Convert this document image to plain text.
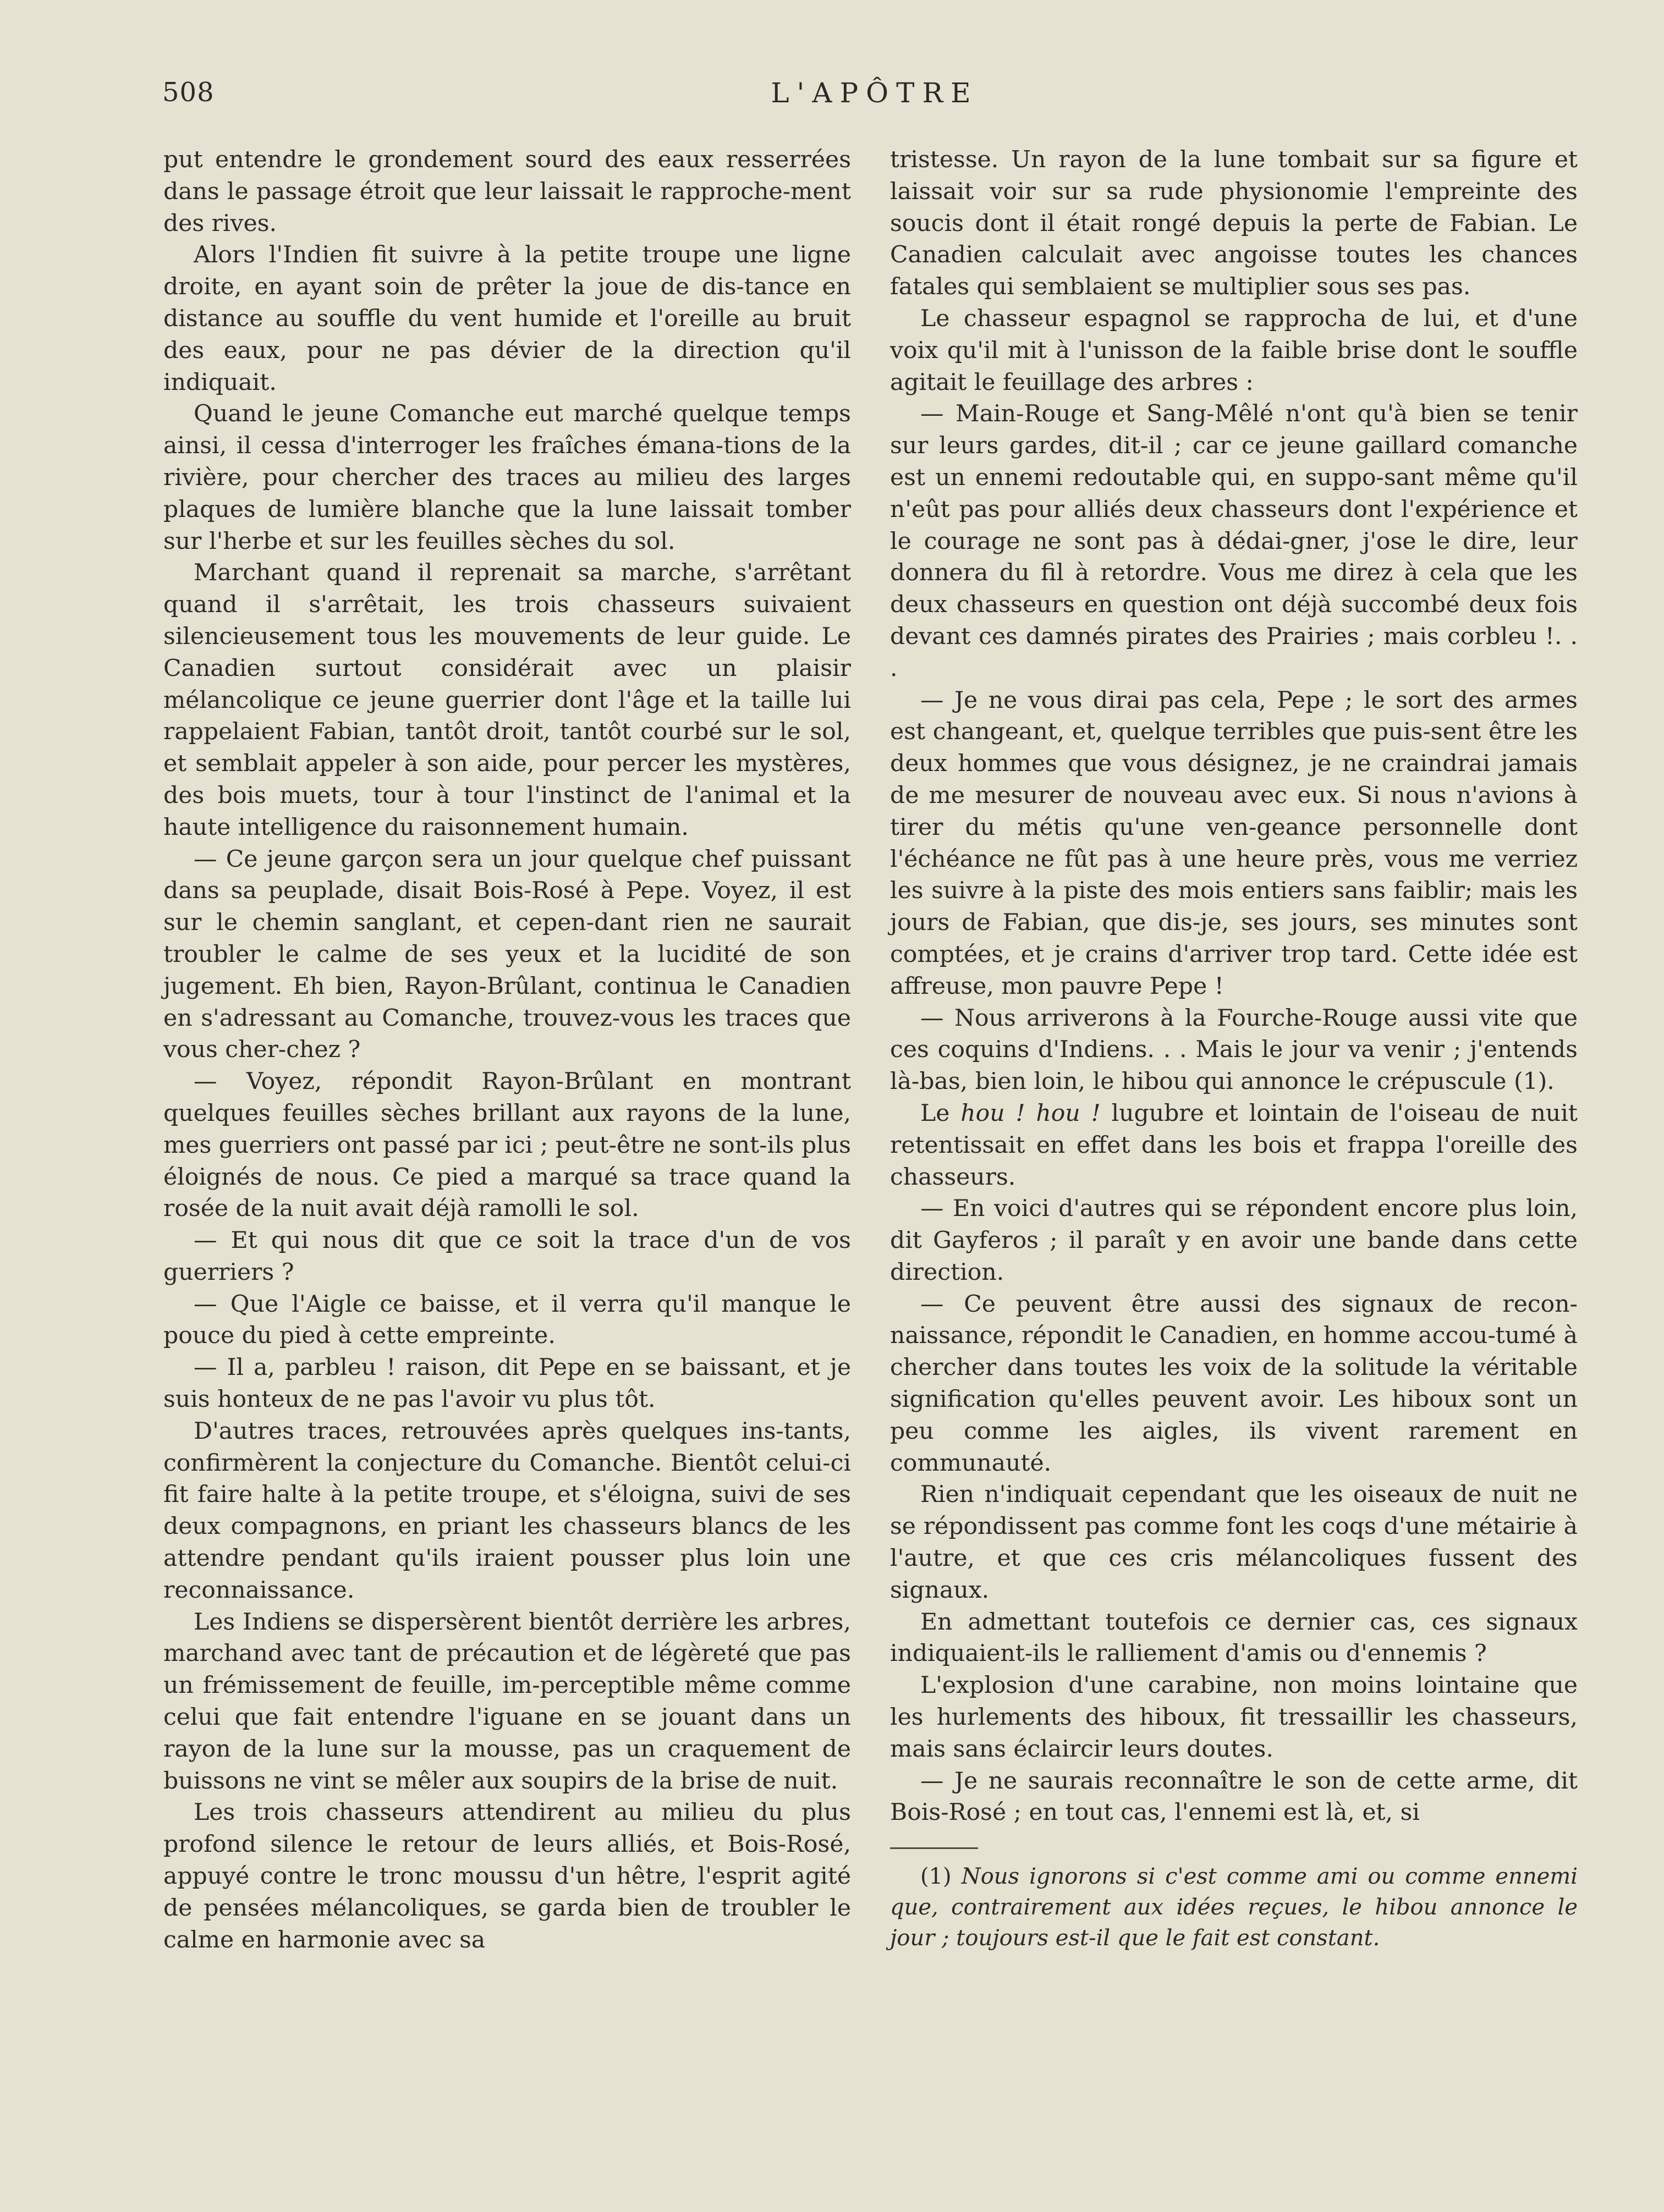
508	L'APÔTRE

put entendre le grondement sourd des eaux resserrées dans le passage étroit que leur laissait le rapproche-ment des rives.

Alors l'Indien fit suivre à la petite troupe une ligne droite, en ayant soin de prêter la joue de dis-tance en distance au souffle du vent humide et l'oreille au bruit des eaux, pour ne pas dévier de la direction qu'il indiquait.

Quand le jeune Comanche eut marché quelque temps ainsi, il cessa d'interroger les fraîches émana-tions de la rivière, pour chercher des traces au milieu des larges plaques de lumière blanche que la lune laissait tomber sur l'herbe et sur les feuilles sèches du sol.

Marchant quand il reprenait sa marche, s'arrêtant quand il s'arrêtait, les trois chasseurs suivaient silencieusement tous les mouvements de leur guide. Le Canadien surtout considérait avec un plaisir mélancolique ce jeune guerrier dont l'âge et la taille lui rappelaient Fabian, tantôt droit, tantôt courbé sur le sol, et semblait appeler à son aide, pour percer les mystères, des bois muets, tour à tour l'instinct de l'animal et la haute intelligence du raisonnement humain.

— Ce jeune garçon sera un jour quelque chef puissant dans sa peuplade, disait Bois-Rosé à Pepe. Voyez, il est sur le chemin sanglant, et cepen-dant rien ne saurait troubler le calme de ses yeux et la lucidité de son jugement. Eh bien, Rayon-Brûlant, continua le Canadien en s'adressant au Comanche, trouvez-vous les traces que vous cher-chez ?

— Voyez, répondit Rayon-Brûlant en montrant quelques feuilles sèches brillant aux rayons de la lune, mes guerriers ont passé par ici ; peut-être ne sont-ils plus éloignés de nous. Ce pied a marqué sa trace quand la rosée de la nuit avait déjà ramolli le sol.

— Et qui nous dit que ce soit la trace d'un de vos guerriers ?

— Que l'Aigle ce baisse, et il verra qu'il manque le pouce du pied à cette empreinte.

— Il a, parbleu ! raison, dit Pepe en se baissant, et je suis honteux de ne pas l'avoir vu plus tôt.

D'autres traces, retrouvées après quelques ins-tants, confirmèrent la conjecture du Comanche. Bientôt celui-ci fit faire halte à la petite troupe, et s'éloigna, suivi de ses deux compagnons, en priant les chasseurs blancs de les attendre pendant qu'ils iraient pousser plus loin une reconnaissance.

Les Indiens se dispersèrent bientôt derrière les arbres, marchand avec tant de précaution et de légèreté que pas un frémissement de feuille, im-perceptible même comme celui que fait entendre l'iguane en se jouant dans un rayon de la lune sur la mousse, pas un craquement de buissons ne vint se mêler aux soupirs de la brise de nuit.

Les trois chasseurs attendirent au milieu du plus profond silence le retour de leurs alliés, et Bois-Rosé, appuyé contre le tronc moussu d'un hêtre, l'esprit agité de pensées mélancoliques, se garda bien de troubler le calme en harmonie avec sa

tristesse. Un rayon de la lune tombait sur sa figure et laissait voir sur sa rude physionomie l'empreinte des soucis dont il était rongé depuis la perte de Fabian. Le Canadien calculait avec angoisse toutes les chances fatales qui semblaient se multiplier sous ses pas.

Le chasseur espagnol se rapprocha de lui, et d'une voix qu'il mit à l'unisson de la faible brise dont le souffle agitait le feuillage des arbres :

— Main-Rouge et Sang-Mêlé n'ont qu'à bien se tenir sur leurs gardes, dit-il ; car ce jeune gaillard comanche est un ennemi redoutable qui, en suppo-sant même qu'il n'eût pas pour alliés deux chasseurs dont l'expérience et le courage ne sont pas à dédai-gner, j'ose le dire, leur donnera du fil à retordre. Vous me direz à cela que les deux chasseurs en question ont déjà succombé deux fois devant ces damnés pirates des Prairies ; mais corbleu !. . .

— Je ne vous dirai pas cela, Pepe ; le sort des armes est changeant, et, quelque terribles que puis-sent être les deux hommes que vous désignez, je ne craindrai jamais de me mesurer de nouveau avec eux. Si nous n'avions à tirer du métis qu'une ven-geance personnelle dont l'échéance ne fût pas à une heure près, vous me verriez les suivre à la piste des mois entiers sans faiblir; mais les jours de Fabian, que dis-je, ses jours, ses minutes sont comptées, et je crains d'arriver trop tard. Cette idée est affreuse, mon pauvre Pepe !

— Nous arriverons à la Fourche-Rouge aussi vite que ces coquins d'Indiens. . . Mais le jour va venir ; j'entends là-bas, bien loin, le hibou qui annonce le crépuscule (1).

Le hou ! hou ! lugubre et lointain de l'oiseau de nuit retentissait en effet dans les bois et frappa l'oreille des chasseurs.

— En voici d'autres qui se répondent encore plus loin, dit Gayferos ; il paraît y en avoir une bande dans cette direction.

— Ce peuvent être aussi des signaux de recon-naissance, répondit le Canadien, en homme accou-tumé à chercher dans toutes les voix de la solitude la véritable signification qu'elles peuvent avoir. Les hiboux sont un peu comme les aigles, ils vivent rarement en communauté.

Rien n'indiquait cependant que les oiseaux de nuit ne se répondissent pas comme font les coqs d'une métairie à l'autre, et que ces cris mélancoliques fussent des signaux.

En admettant toutefois ce dernier cas, ces signaux indiquaient-ils le ralliement d'amis ou d'ennemis ?

L'explosion d'une carabine, non moins lointaine que les hurlements des hiboux, fit tressaillir les chasseurs, mais sans éclaircir leurs doutes.

— Je ne saurais reconnaître le son de cette arme, dit Bois-Rosé ; en tout cas, l'ennemi est là, et, si

(1) Nous ignorons si c'est comme ami ou comme ennemi que, contrairement aux idées reçues, le hibou annonce le jour ; toujours est-il que le fait est constant.
